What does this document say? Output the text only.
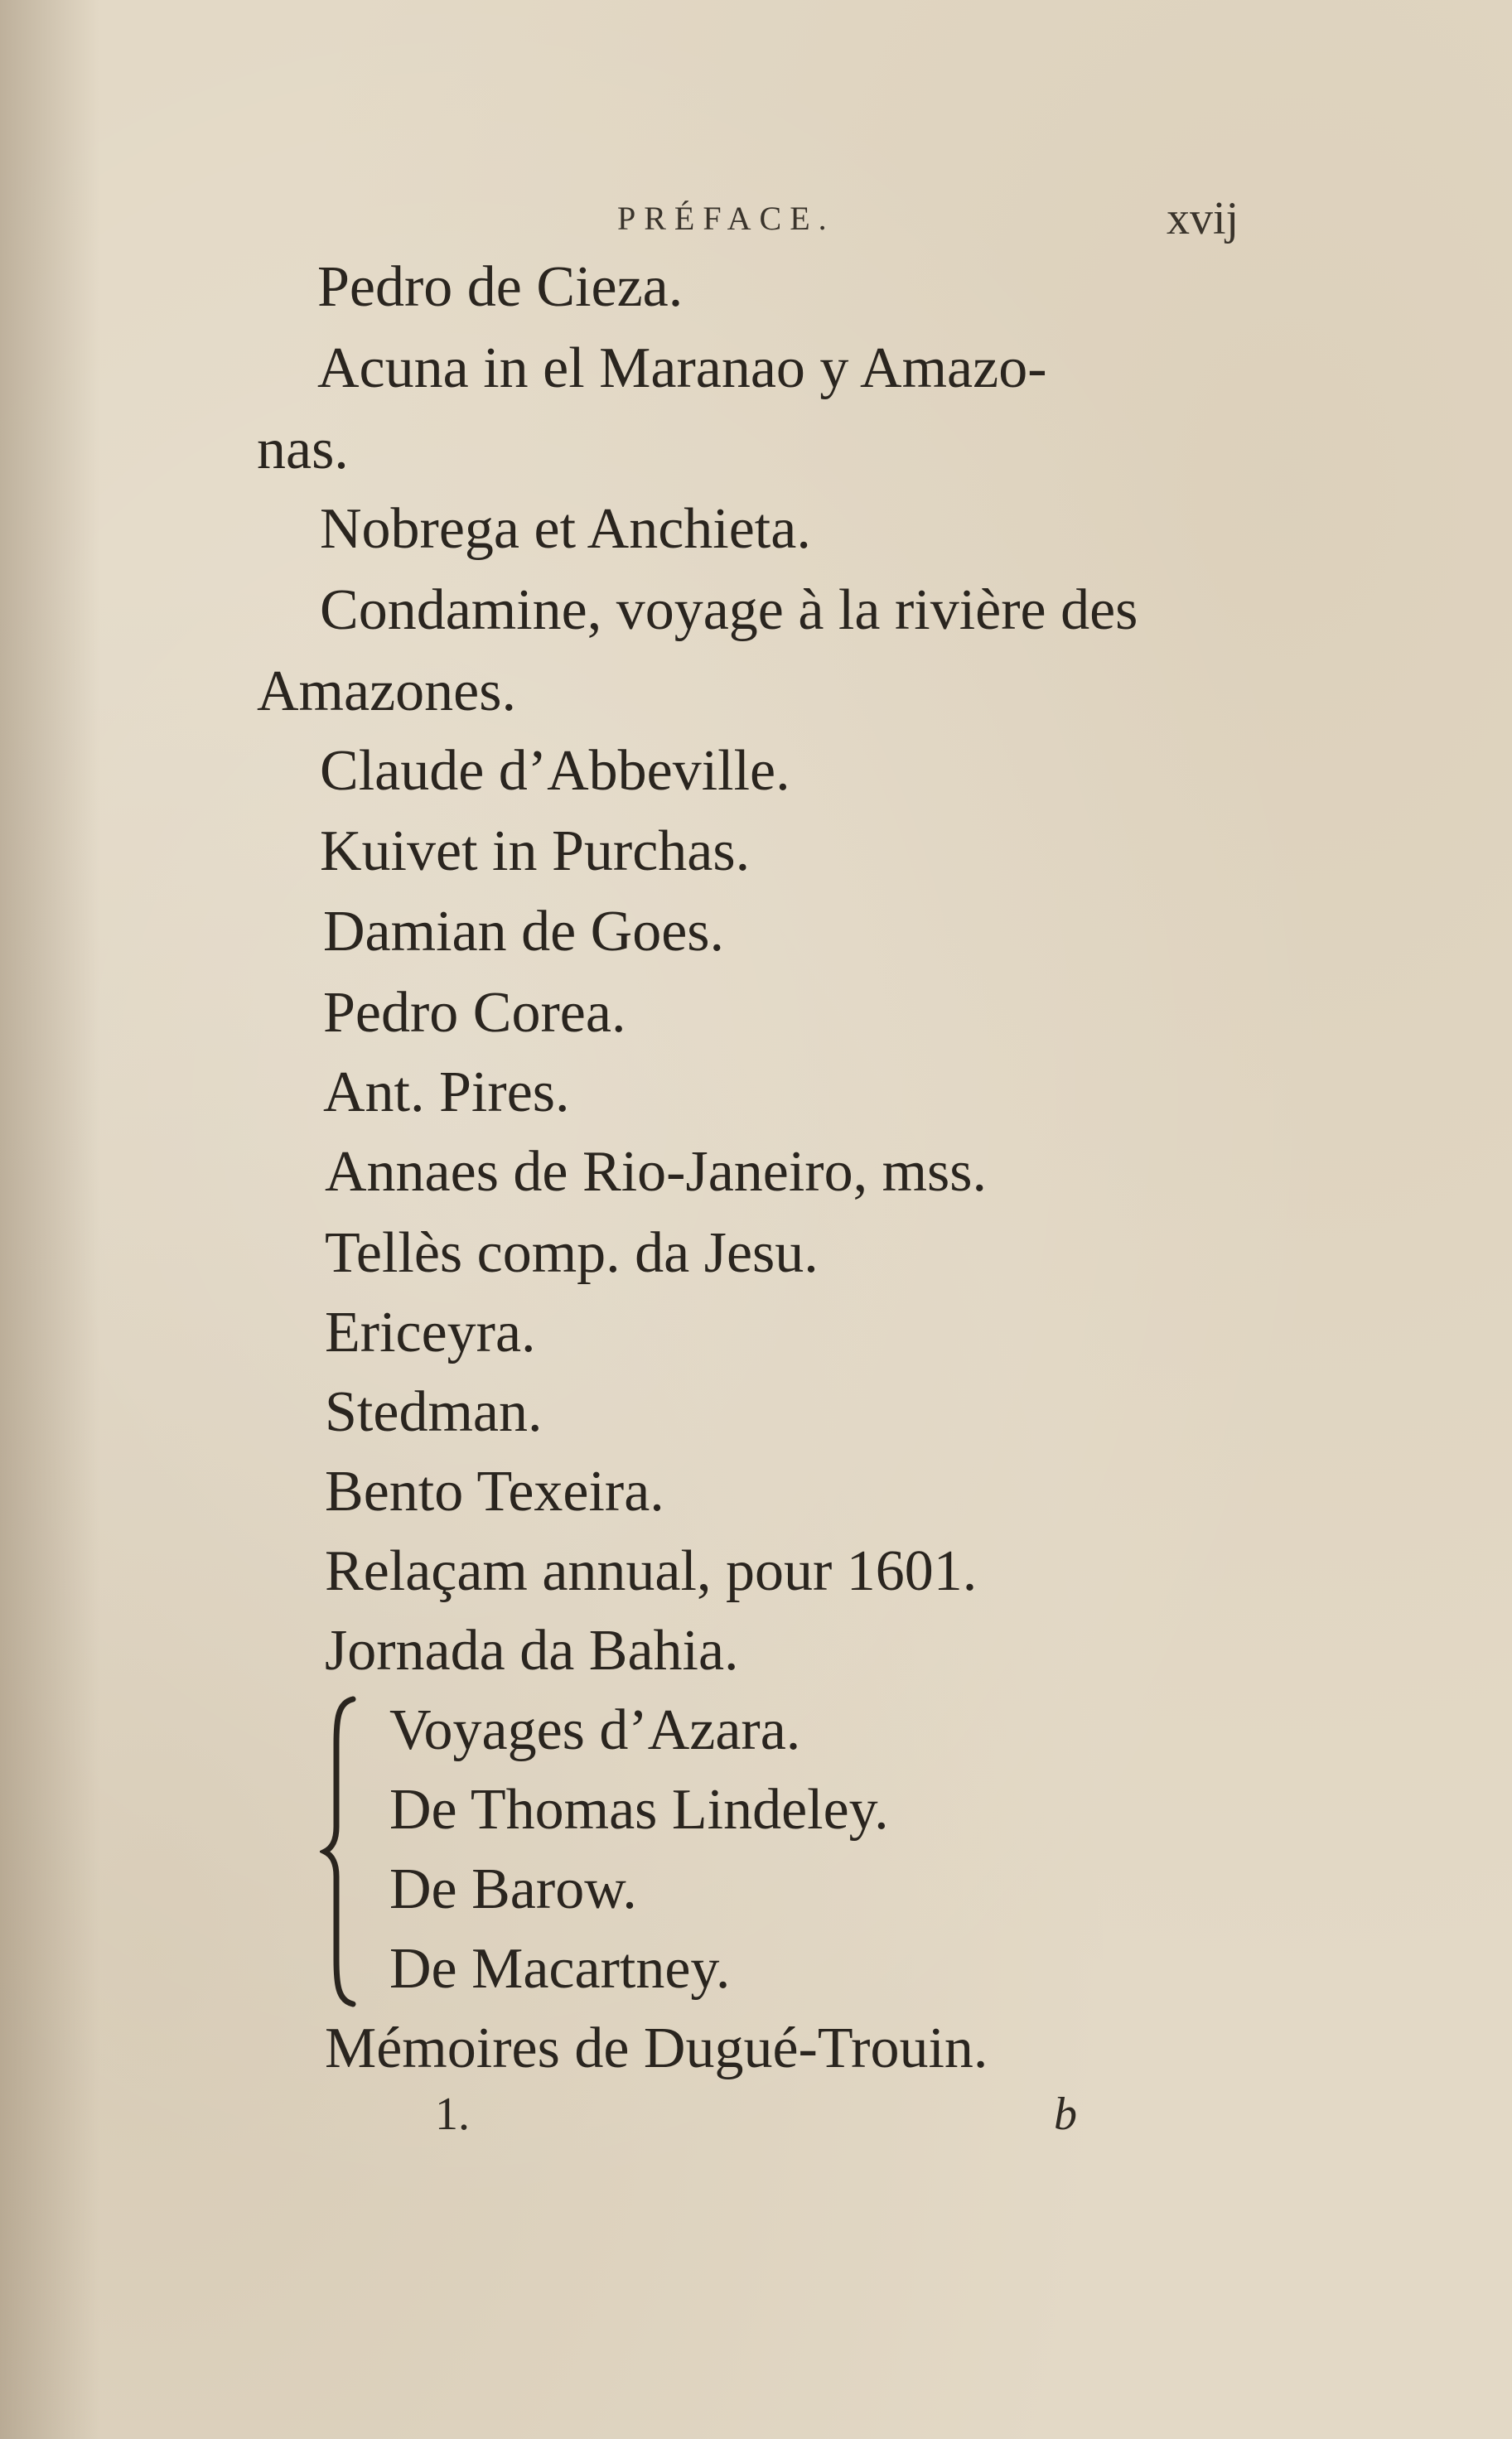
PRÉFACE.	xvij
Pedro de Cieza.
Acuna in el Maranao y Amazo-
nas.
Nobrega et Anchieta.
Condamine, voyage à la rivière des
Amazones.
Claude d’Abbeville.
Kuivet in Purchas.
Damian de Goes.
Pedro Corea.
Ant. Pires.
Annaes de Rio-Janeiro, mss.
Tellès comp. da Jesu.
Ericeyra.
Stedman.
Bento Texeira.
Relaçam annual, pour 1601.
Jornada da Bahia.
Voyages d’Azara.
De Thomas Lindeley.
De Barow.
De Macartney.
Mémoires de Dugué-Trouin.
1.	b
